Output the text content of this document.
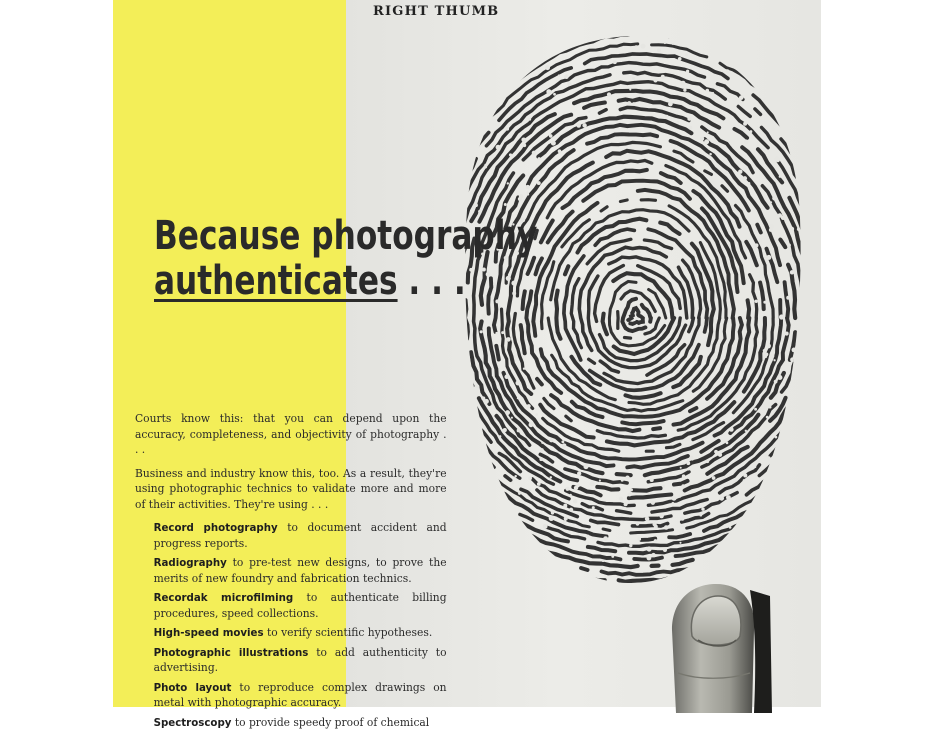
RIGHT THUMB
Because photography
authenticates . . .

Courts know this: that you can depend upon the accuracy, completeness, and objectivity of photography . . .

Business and industry know this, too. As a result, they're using photographic technics to validate more and more of their activities. They're using . . .

Record photography to document accident and progress reports.
Radiography to pre-test new designs, to prove the merits of new foundry and fabrication technics.
Recordak microfilming to authenticate billing procedures, speed collections.
High-speed movies to verify scientific hypotheses.
Photographic illustrations to add authenticity to advertising.
Photo layout to reproduce complex drawings on metal with photographic accuracy.
Spectroscopy to provide speedy proof of chemical
